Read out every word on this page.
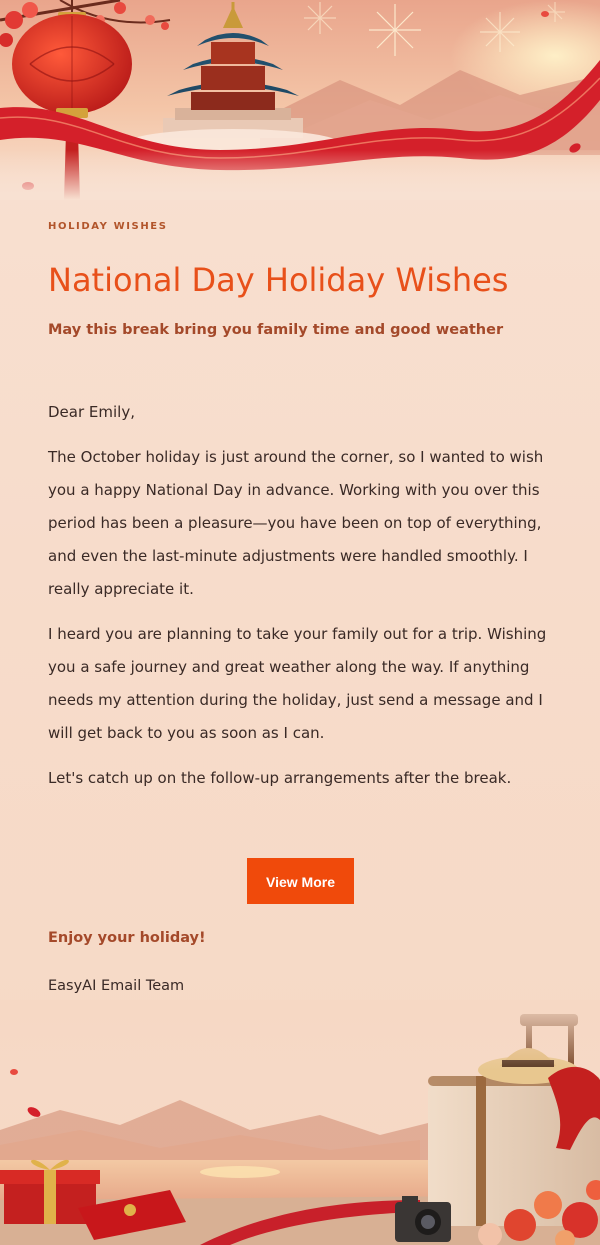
HOLIDAY WISHES
National Day Holiday Wishes
May this break bring you family time and good weather

Dear Emily,

The October holiday is just around the corner, so I wanted to wish you a happy National Day in advance. Working with you over this period has been a pleasure—you have been on top of everything, and even the last-minute adjustments were handled smoothly. I really appreciate it.

I heard you are planning to take your family out for a trip. Wishing you a safe journey and great weather along the way. If anything needs my attention during the holiday, just send a message and I will get back to you as soon as I can.

Let's catch up on the follow-up arrangements after the break.

View More
Enjoy your holiday!
EasyAI Email Team
